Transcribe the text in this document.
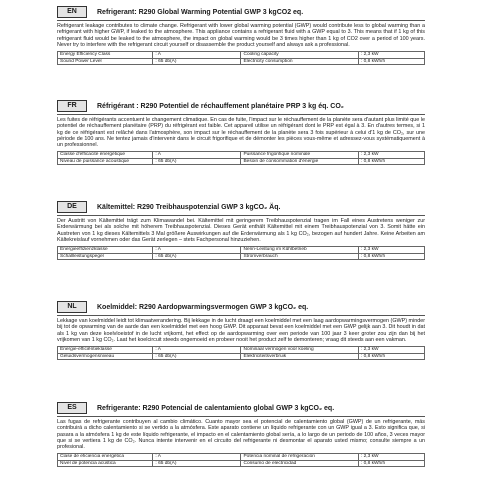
EN	Refrigerant: R290 Global Warming Potential GWP 3 kgCO2 eq.
Refrigerant leakage contributes to climate change. Refrigerant with lower global warming potential (GWP) would contribute less to global warming than a refrigerant with higher GWP, if leaked to the atmosphere. This appliance contains a refrigerant fluid with a GWP equal to 3. This means that if 1 kg of this refrigerant fluid would be leaked to the atmosphere, the impact on global warming would be 3 times higher than 1 kg of CO2 over a period of 100 years. Never try to interfere with the refrigerant circuit yourself or disassemble the product yourself and always ask a professional.
Energy Efficiency Class	: A	Cooling capacity	: 2,3 kW
Sound Power Level	: 65 db(A)	Electricity consumption	: 0,8 kWh/h
FR	Réfrigérant : R290 Potentiel de réchauffement planétaire PRP 3 kg éq. CO₂
Les fuites de réfrigérants accentuent le changement climatique. En cas de fuite, l'impact sur le réchauffement de la planète sera d'autant plus limité que le potentiel de réchauffement planétaire (PRP) du réfrigérant est faible. Cet appareil utilise un réfrigérant dont le PRP est égal à 3. En d'autres termes, si 1 kg de ce réfrigérant est relâché dans l'atmosphère, son impact sur le réchauffement de la planète sera 3 fois supérieur à celui d'1 kg de CO₂, sur une période de 100 ans. Ne tentez jamais d'intervenir dans le circuit frigorifique et de démonter les pièces vous-même et adressez-vous systématiquement à un professionnel.
Classe d'efficacité énergétique	: A	Puissance frigorifique nominale	: 2,3 kW
Niveau de puissance acoustique	: 65 db(A)	Besoin de consommation d'énergie	: 0,8 kWh/h
DE	Kältemittel: R290 Treibhauspotenzial GWP 3 kgCO₂ Äq.
Der Austritt von Kältemittel trägt zum Klimawandel bei. Kältemittel mit geringerem Treibhauspotenzial tragen im Fall eines Austretens weniger zur Erderwärmung bei als solche mit höherem Treibhauspotenzial. Dieses Gerät enthält Kältemittel mit einem Treibhauspotenzial von 3. Somit hätte ein Austreten von 1 kg dieses Kältemittels 3 Mal größere Auswirkungen auf die Erderwärmung als 1 kg CO₂, bezogen auf hundert Jahre. Keine Arbeiten am Kältekreislauf vornehmen oder das Gerät zerlegen – stets Fachpersonal hinzuziehen.
Energieeffizienzklasse	: A	Nenn-Leistung im Kühlbetrieb	: 2,3 kW
Schallleistungspegel	: 65 db(A)	Stromverbrauch	: 0,8 kWh/h
NL	Koelmiddel: R290 Aardopwarmingsvermogen GWP 3 kgCO₂ eq.
Lekkage van koelmiddel leidt tot klimaatverandering. Bij lekkage in de lucht draagt een koelmiddel met een laag aardopwarmingsvermogen (GWP) minder bij tot de opwarming van de aarde dan een koelmiddel met een hoog GWP. Dit apparaat bevat een koelmiddel met een GWP gelijk aan 3. Dit houdt in dat als 1 kg van deze koelvloeistof in de lucht vrijkomt, het effect op de aardopwarming over een periode van 100 jaar 3 keer groter zou zijn dan bij het vrijkomen van 1 kg CO₂. Laat het koelcircuit steeds ongemoeid en probeer nooit het product zelf te demonteren; vraag dit steeds aan een vakman.
Energie-efficiëntieklasse	: A	Nominaal vermogen voor koeling	: 2,3 kW
Geluidsvermogensniveau	: 65 db(A)	Elektriciteitsverbruik	: 0,8 kWh/h
ES	Refrigerante: R290 Potencial de calentamiento global GWP 3 kgCO₂ eq.
Las fugas de refrigerante contribuyen al cambio climático. Cuanto mayor sea el potencial de calentamiento global (GWP) de un refrigerante, más contribuirá a dicho calentamiento si se vertido a la atmósfera. Este aparato contiene un líquido refrigerante con un GWP igual a 3. Esto significa que, si pasara a la atmósfera 1 kg de este líquido refrigerante, el impacto en el calentamiento global sería, a lo largo de un periodo de 100 años, 3 veces mayor que si se vertiera 1 kg de CO₂. Nunca intente intervenir en el circuito del refrigerante ni desmontar el aparato usted mismo; consulte siempre a un profesional.
Clase de eficiencia energética	: A	Potencia nominal de refrigeración	: 2,3 kW
Nivel de potencia acústica	: 65 db(A)	Consumo de electricidad	: 0,8 kWh/h
